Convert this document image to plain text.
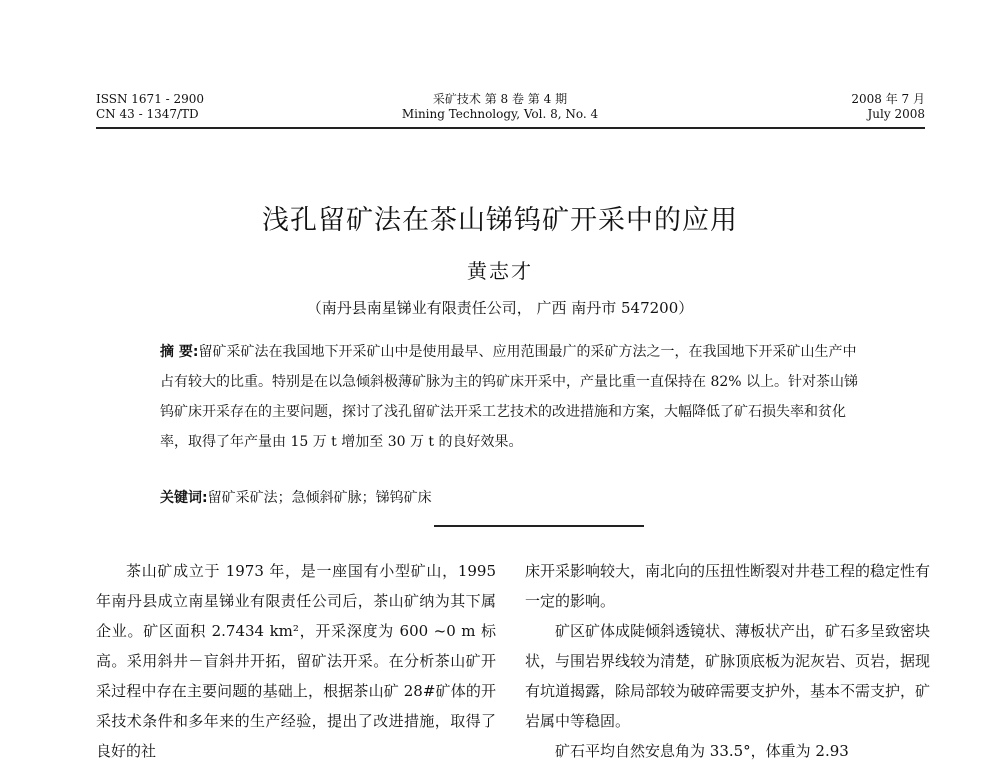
ISSN 1671 - 2900
CN 43 - 1347/TD
采矿技术 第 8 卷 第 4 期
Mining Technology, Vol. 8, No. 4
2008 年 7 月
July 2008
浅孔留矿法在茶山锑钨矿开采中的应用
黄志才
（南丹县南星锑业有限责任公司， 广西 南丹市 547200）
摘 要:留矿采矿法在我国地下开采矿山中是使用最早、应用范围最广的采矿方法之一，在我国地下开采矿山生产中占有较大的比重。特别是在以急倾斜极薄矿脉为主的钨矿床开采中，产量比重一直保持在 82% 以上。针对茶山锑钨矿床开采存在的主要问题，探讨了浅孔留矿法开采工艺技术的改进措施和方案，大幅降低了矿石损失率和贫化率，取得了年产量由 15 万 t 增加至 30 万 t 的良好效果。
关键词:留矿采矿法；急倾斜矿脉；锑钨矿床

茶山矿成立于 1973 年，是一座国有小型矿山，1995 年南丹县成立南星锑业有限责任公司后，茶山矿纳为其下属企业。矿区面积 2.7434 km²，开采深度为 600 ~0 m 标高。采用斜井－盲斜井开拓，留矿法开采。在分析茶山矿开采过程中存在主要问题的基础上，根据茶山矿 28#矿体的开采技术条件和多年来的生产经验，提出了改进措施，取得了良好的社

床开采影响较大，南北向的压扭性断裂对井巷工程的稳定性有一定的影响。

矿区矿体成陡倾斜透镜状、薄板状产出，矿石多呈致密块状，与围岩界线较为清楚，矿脉顶底板为泥灰岩、页岩，据现有坑道揭露，除局部较为破碎需要支护外，基本不需支护，矿岩属中等稳固。

矿石平均自然安息角为 33.5°，体重为 2.93
